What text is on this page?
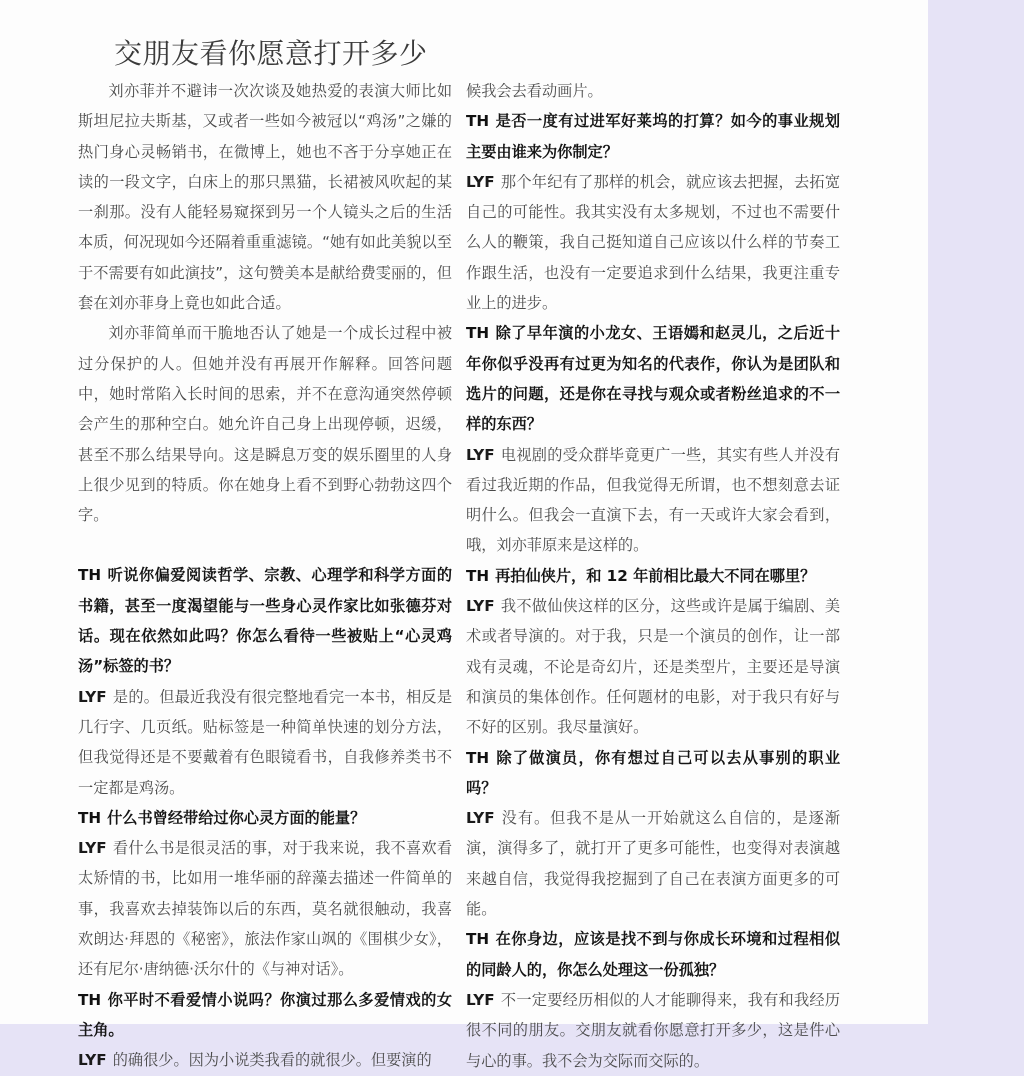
交朋友看你愿意打开多少

刘亦菲并不避讳一次次谈及她热爱的表演大师比如斯坦尼拉夫斯基，又或者一些如今被冠以“鸡汤”之嫌的热门身心灵畅销书，在微博上，她也不吝于分享她正在读的一段文字，白床上的那只黑猫，长裙被风吹起的某一刹那。没有人能轻易窥探到另一个人镜头之后的生活本质，何况现如今还隔着重重滤镜。“她有如此美貌以至于不需要有如此演技”，这句赞美本是献给费雯丽的，但套在刘亦菲身上竟也如此合适。

刘亦菲简单而干脆地否认了她是一个成长过程中被过分保护的人。但她并没有再展开作解释。回答问题中，她时常陷入长时间的思索，并不在意沟通突然停顿会产生的那种空白。她允许自己身上出现停顿，迟缓，甚至不那么结果导向。这是瞬息万变的娱乐圈里的人身上很少见到的特质。你在她身上看不到野心勃勃这四个字。

TH 听说你偏爱阅读哲学、宗教、心理学和科学方面的书籍，甚至一度渴望能与一些身心灵作家比如张德芬对话。现在依然如此吗？你怎么看待一些被贴上“心灵鸡汤”标签的书？

LYF 是的。但最近我没有很完整地看完一本书，相反是几行字、几页纸。贴标签是一种简单快速的划分方法，但我觉得还是不要戴着有色眼镜看书，自我修养类书不一定都是鸡汤。

TH 什么书曾经带给过你心灵方面的能量？

LYF 看什么书是很灵活的事，对于我来说，我不喜欢看太矫情的书，比如用一堆华丽的辞藻去描述一件简单的事，我喜欢去掉装饰以后的东西，莫名就很触动，我喜欢朗达·拜恩的《秘密》，旅法作家山飒的《围棋少女》，还有尼尔·唐纳德·沃尔什的《与神对话》。

TH 你平时不看爱情小说吗？你演过那么多爱情戏的女主角。

LYF 的确很少。因为小说类我看的就很少。但要演的

候我会去看动画片。

TH 是否一度有过进军好莱坞的打算？如今的事业规划主要由谁来为你制定？

LYF 那个年纪有了那样的机会，就应该去把握，去拓宽自己的可能性。我其实没有太多规划，不过也不需要什么人的鞭策，我自己挺知道自己应该以什么样的节奏工作跟生活，也没有一定要追求到什么结果，我更注重专业上的进步。

TH 除了早年演的小龙女、王语嫣和赵灵儿，之后近十年你似乎没再有过更为知名的代表作，你认为是团队和选片的问题，还是你在寻找与观众或者粉丝追求的不一样的东西？

LYF 电视剧的受众群毕竟更广一些，其实有些人并没有看过我近期的作品，但我觉得无所谓，也不想刻意去证明什么。但我会一直演下去，有一天或许大家会看到，哦，刘亦菲原来是这样的。

TH 再拍仙侠片，和 12 年前相比最大不同在哪里？

LYF 我不做仙侠这样的区分，这些或许是属于编剧、美术或者导演的。对于我，只是一个演员的创作，让一部戏有灵魂，不论是奇幻片，还是类型片，主要还是导演和演员的集体创作。任何题材的电影，对于我只有好与不好的区别。我尽量演好。

TH 除了做演员，你有想过自己可以去从事别的职业吗？

LYF 没有。但我不是从一开始就这么自信的，是逐渐演，演得多了，就打开了更多可能性，也变得对表演越来越自信，我觉得我挖掘到了自己在表演方面更多的可能。

TH 在你身边，应该是找不到与你成长环境和过程相似的同龄人的，你怎么处理这一份孤独？

LYF 不一定要经历相似的人才能聊得来，我有和我经历很不同的朋友。交朋友就看你愿意打开多少，这是件心与心的事。我不会为交际而交际的。
